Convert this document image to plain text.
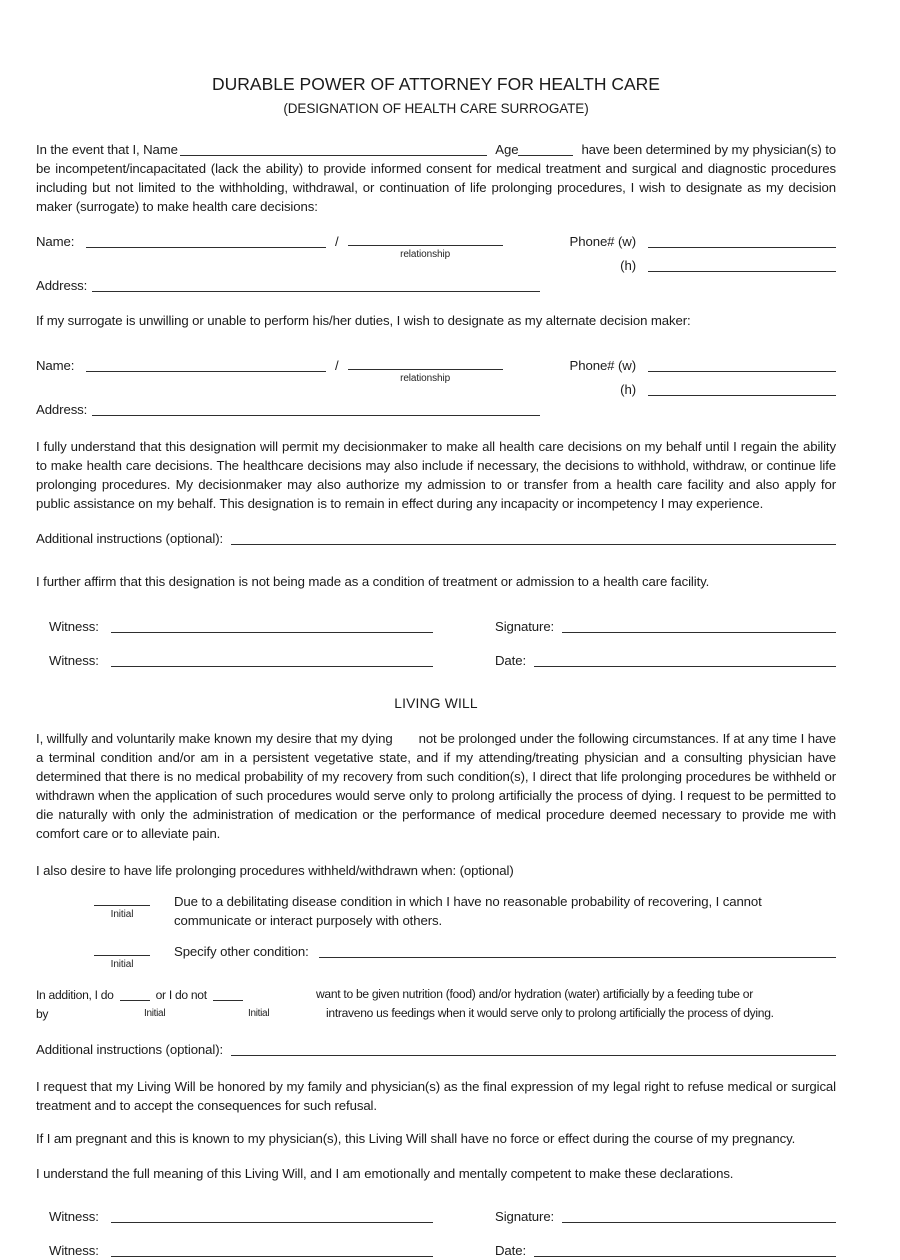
DURABLE POWER OF ATTORNEY FOR HEALTH CARE
(DESIGNATION OF HEALTH CARE SURROGATE)
In the event that I, Name	Age	have been determined by my physician(s) to

be incompetent/incapacitated (lack the ability) to provide informed consent for medical treatment and surgical and diagnostic procedures including but not limited to the withholding, withdrawal, or continuation of life prolonging procedures, I wish to designate as my decision maker (surrogate) to make health care decisions:

Name:	/
relationship
Phone# (w)
(h)
Address:

If my surrogate is unwilling or unable to perform his/her duties, I wish to designate as my alternate decision maker:

Name:	/
relationship
Phone# (w)
(h)
Address:

I fully understand that this designation will permit my decisionmaker to make all health care decisions on my behalf until I regain the ability to make health care decisions. The healthcare decisions may also include if necessary, the decisions to withhold, withdraw, or continue life prolonging procedures. My decisionmaker may also authorize my admission to or transfer from a health care facility and also apply for public assistance on my behalf. This designation is to remain in effect during any incapacity or incompetency I may experience.

Additional instructions (optional):

I further affirm that this designation is not being made as a condition of treatment or admission to a health care facility.

Witness:	Signature:
Witness:	Date:
LIVING WILL

I, willfully and voluntarily make known my desire that my dying not be prolonged under the following circumstances. If at any time I have a terminal condition and/or am in a persistent vegetative state, and if my attending/treating physician and a consulting physician have determined that there is no medical probability of my recovery from such condition(s), I direct that life prolonging procedures be withheld or withdrawn when the application of such procedures would serve only to prolong artificially the process of dying. I request to be permitted to die naturally with only the administration of medication or the performance of medical procedure deemed necessary to provide me with comfort care or to alleviate pain.

I also desire to have life prolonging procedures withheld/withdrawn when: (optional)

Initial
Due to a debilitating disease condition in which I have no reasonable probability of recovering, I cannot communicate or interact purposely with others.
Initial
Specify other condition:
In addition, I do	or I do not
by	Initial	Initial
want to be given nutrition (food) and/or hydration (water) artificially by a feeding tube or
intraveno us feedings when it would serve only to prolong artificially the process of dying.
Additional instructions (optional):

I request that my Living Will be honored by my family and physician(s) as the final expression of my legal right to refuse medical or surgical treatment and to accept the consequences for such refusal.

If I am pregnant and this is known to my physician(s), this Living Will shall have no force or effect during the course of my pregnancy.

I understand the full meaning of this Living Will, and I am emotionally and mentally competent to make these declarations.

Witness:	Signature:
Witness:	Date:
